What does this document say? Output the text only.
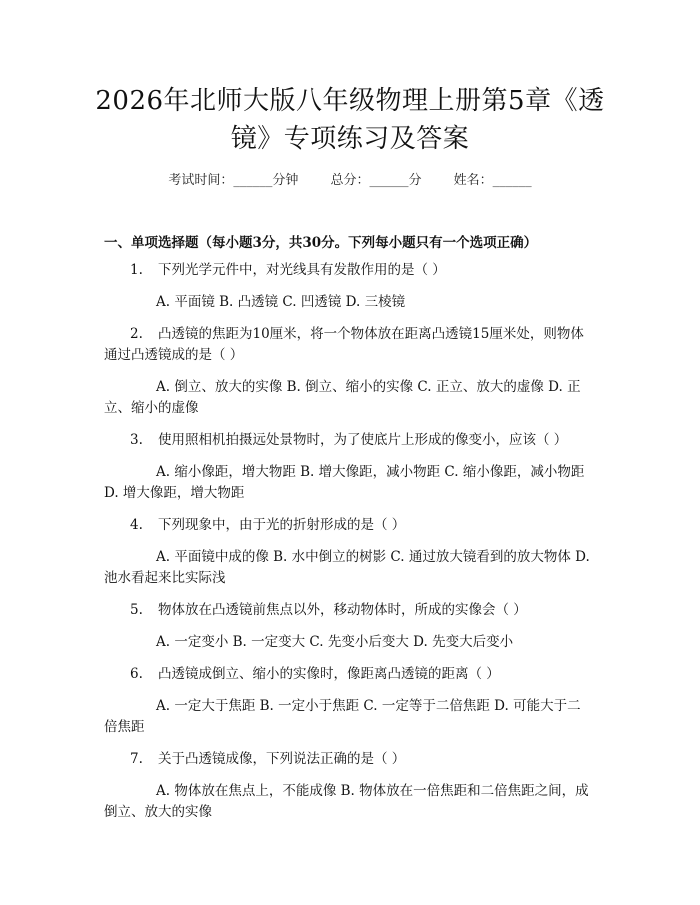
2026年北师大版八年级物理上册第5章《透镜》专项练习及答案
考试时间：______分钟 总分：______分 姓名：______
一、单项选择题（每小题3分，共30分。下列每小题只有一个选项正确）
1. 下列光学元件中，对光线具有发散作用的是（ ）
A. 平面镜 B. 凸透镜 C. 凹透镜 D. 三棱镜
2. 凸透镜的焦距为10厘米，将一个物体放在距离凸透镜15厘米处，则物体通过凸透镜成的是（ ）
A. 倒立、放大的实像 B. 倒立、缩小的实像 C. 正立、放大的虚像 D. 正立、缩小的虚像
3. 使用照相机拍摄远处景物时，为了使底片上形成的像变小，应该（ ）
A. 缩小像距，增大物距 B. 增大像距，减小物距 C. 缩小像距，减小物距 D. 增大像距，增大物距
4. 下列现象中，由于光的折射形成的是（ ）
A. 平面镜中成的像 B. 水中倒立的树影 C. 通过放大镜看到的放大物体 D. 池水看起来比实际浅
5. 物体放在凸透镜前焦点以外，移动物体时，所成的实像会（ ）
A. 一定变小 B. 一定变大 C. 先变小后变大 D. 先变大后变小
6. 凸透镜成倒立、缩小的实像时，像距离凸透镜的距离（ ）
A. 一定大于焦距 B. 一定小于焦距 C. 一定等于二倍焦距 D. 可能大于二倍焦距
7. 关于凸透镜成像，下列说法正确的是（ ）
A. 物体放在焦点上，不能成像 B. 物体放在一倍焦距和二倍焦距之间，成倒立、放大的实像
